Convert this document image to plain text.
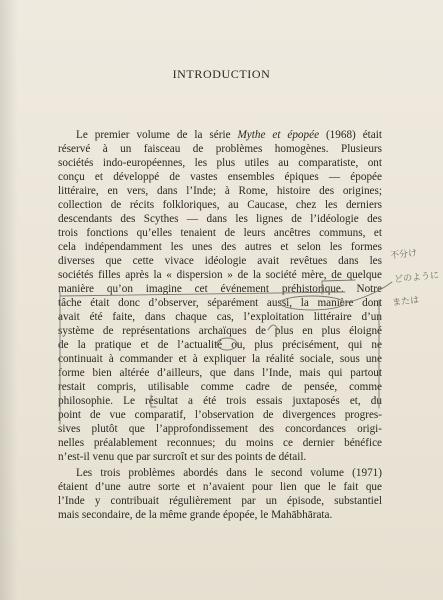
INTRODUCTION
Le premier volume de la série Mythe et épopée (1968) était
réservé à un faisceau de problèmes homogènes. Plusieurs
sociétés indo-européennes, les plus utiles au comparatiste, ont
conçu et développé de vastes ensembles épiques — épopée
littéraire, en vers, dans l’Inde; à Rome, histoire des origines;
collection de récits folkloriques, au Caucase, chez les derniers
descendants des Scythes — dans les lignes de l’idéologie des
trois fonctions qu’elles tenaient de leurs ancêtres communs, et
cela indépendamment les unes des autres et selon les formes
diverses que cette vivace idéologie avait revêtues dans les
sociétés filles après la « dispersion » de la société mère, de quelque
manière qu’on imagine cet événement préhistorique. Notre
tâche était donc d’observer, séparément aussi, la manière dont
avait été faite, dans chaque cas, l’exploitation littéraire d’un
système de représentations archaïques de plus en plus éloigné
de la pratique et de l’actualité ou, plus précisément, qui ne
continuait à commander et à expliquer la réalité sociale, sous une
forme bien altérée d’ailleurs, que dans l’Inde, mais qui partout
restait compris, utilisable comme cadre de pensée, comme
philosophie. Le résultat a été trois essais juxtaposés et, du
point de vue comparatif, l’observation de divergences progres-
sives plutôt que l’approfondissement des concordances origi-
nelles préalablement reconnues; du moins ce dernier bénéfice
n’est-il venu que par surcroît et sur des points de détail.
Les trois problèmes abordés dans le second volume (1971)
étaient d’une autre sorte et n’avaient pour lien que le fait que
l’Inde y contribuait régulièrement par un épisode, substantiel
mais secondaire, de la même grande épopée, le Mahābhārata.
不分け
どのように
または
